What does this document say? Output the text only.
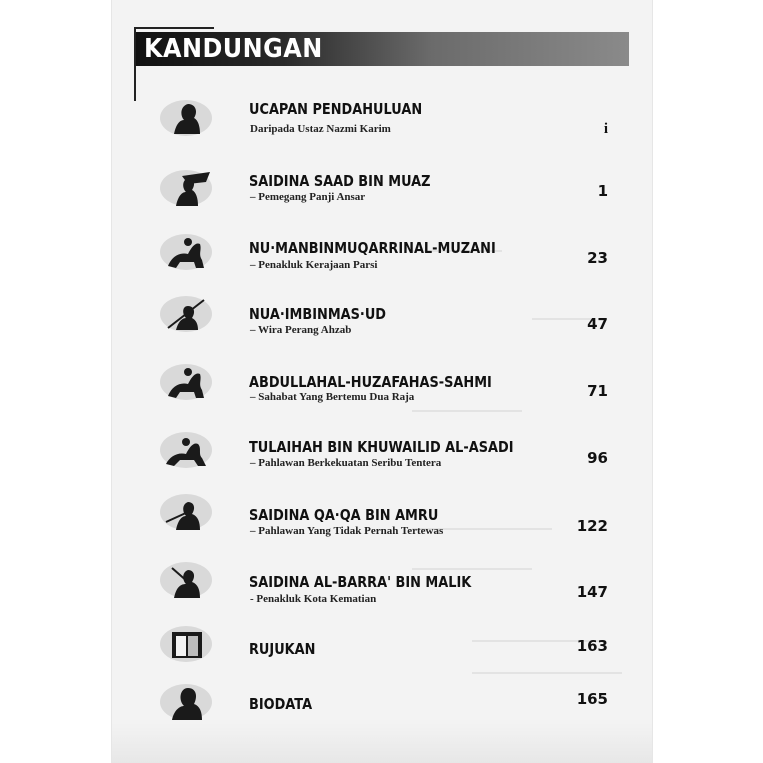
KANDUNGAN
UCAPAN PENDAHULUAN
Daripada Ustaz Nazmi Karim	i
SAIDINA SAAD BIN MUAZ
– Pemegang Panji Ansar	1
NU·MANBINMUQARRINAL-MUZANI
– Penakluk Kerajaan Parsi	23
NUA·IMBINMAS·UD
– Wira Perang Ahzab	47
ABDULLAHAL-HUZAFAHAS-SAHMI
– Sahabat Yang Bertemu Dua Raja	71
TULAIHAH BIN KHUWAILID AL-ASADI
– Pahlawan Berkekuatan Seribu Tentera	96
SAIDINA QA·QA BIN AMRU
– Pahlawan Yang Tidak Pernah Tertewas	122
SAIDINA AL-BARRA' BIN MALIK
- Penakluk Kota Kematian	147
RUJUKAN	163
BIODATA	165
